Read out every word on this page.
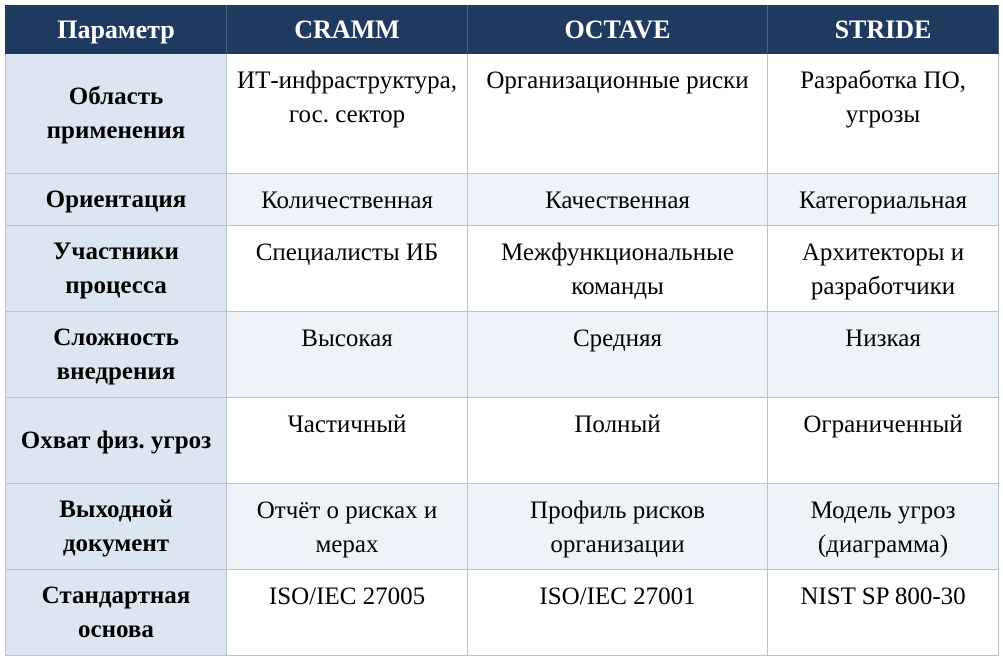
Параметр	CRAMM	OCTAVE	STRIDE
Область применения	ИТ-инфраструктура, гос. сектор	Организационные риски	Разработка ПО, угрозы
Ориентация	Количественная	Качественная	Категориальная
Участники процесса	Специалисты ИБ	Межфункциональные команды	Архитекторы и разработчики
Сложность внедрения	Высокая	Средняя	Низкая
Охват физ. угроз	Частичный	Полный	Ограниченный
Выходной документ	Отчёт о рисках и мерах	Профиль рисков организации	Модель угроз (диаграмма)
Стандартная основа	ISO/IEC 27005	ISO/IEC 27001	NIST SP 800-30
